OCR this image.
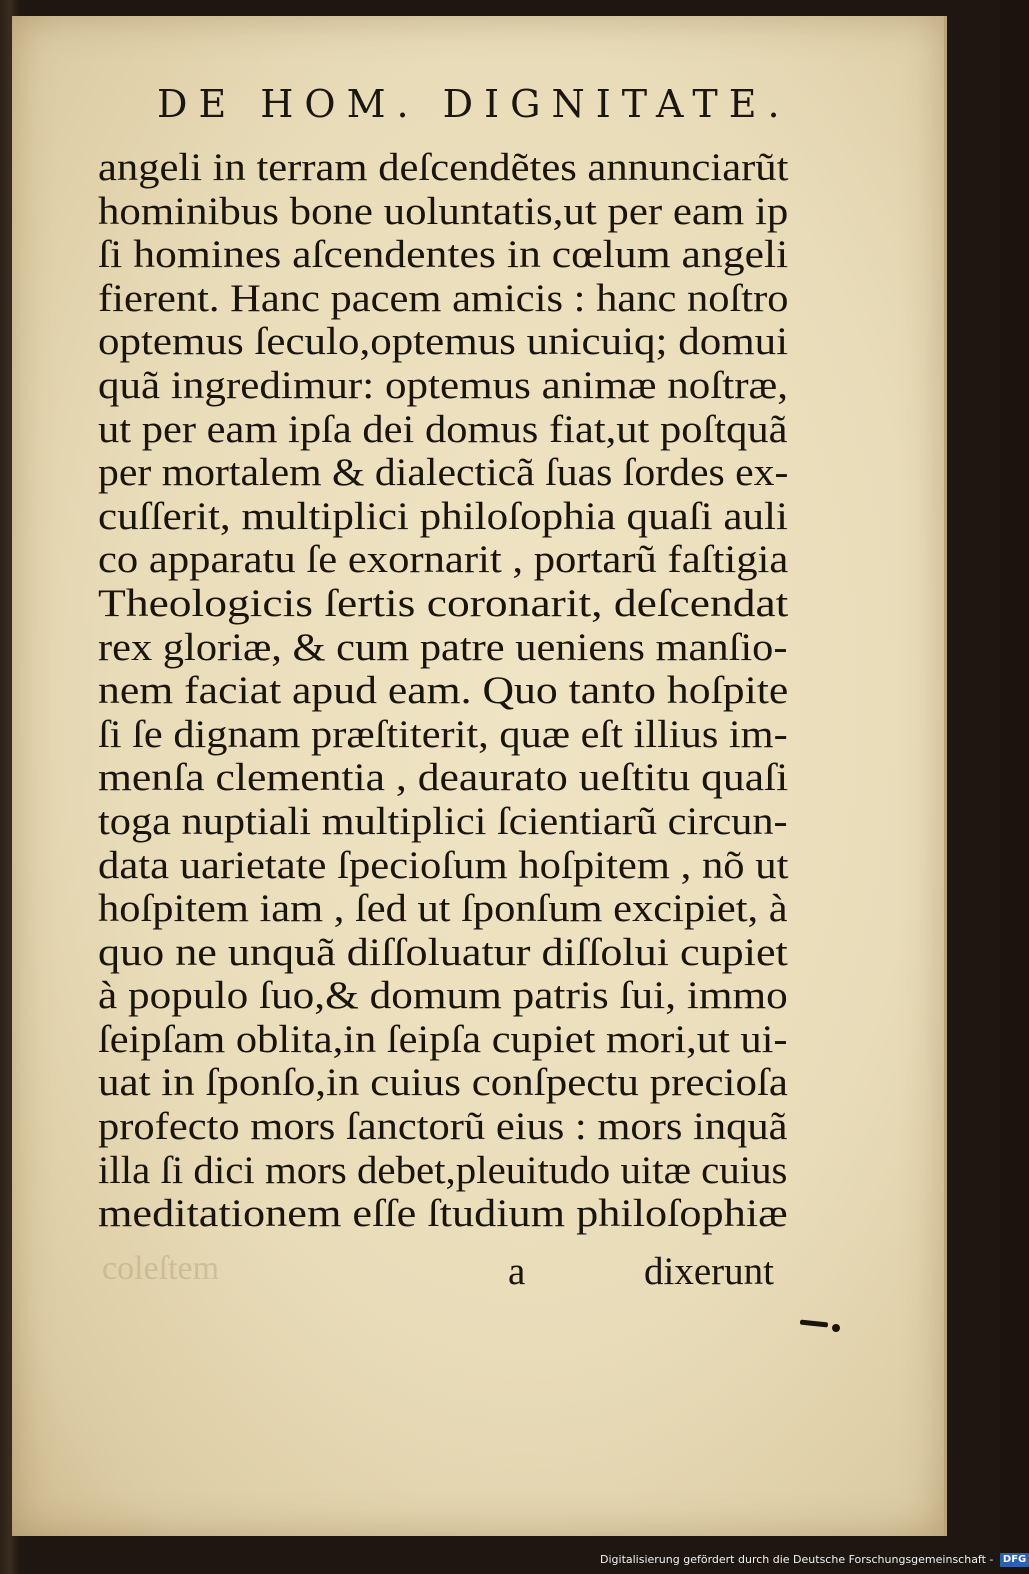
DE HOM. DIGNITATE.
angeli in terram deſcendẽtes annunciarũt
hominibus bone uoluntatis,ut per eam ip
ſi homines aſcendentes in cœlum angeli
fierent. Hanc pacem amicis : hanc noſtro
optemus ſeculo,optemus unicuiq; domui
quã ingredimur: optemus animæ noſtræ,
ut per eam ipſa dei domus fiat,ut poſtquã
per mortalem & dialecticã ſuas ſordes ex-
cuſſerit, multiplici philoſophia quaſi auli
co apparatu ſe exornarit , portarũ faſtigia
Theologicis ſertis coronarit, deſcendat
rex gloriæ, & cum patre ueniens manſio-
nem faciat apud eam. Quo tanto hoſpite
ſi ſe dignam præſtiterit, quæ eſt illius im-
menſa clementia , deaurato ueſtitu quaſi
toga nuptiali multiplici ſcientiarũ circun-
data uarietate ſpecioſum hoſpitem , nõ ut
hoſpitem iam , ſed ut ſponſum excipiet, à
quo ne unquã diſſoluatur diſſolui cupiet
à populo ſuo,& domum patris ſui, immo
ſeipſam oblita,in ſeipſa cupiet mori,ut ui-
uat in ſponſo,in cuius conſpectu precioſa
profecto mors ſanctorũ eius : mors inquã
illa ſi dici mors debet,pleuitudo uitæ cuius
meditationem eſſe ſtudium philoſophiæ
coleſtem	a	dixerunt
Digitalisierung gefördert durch die Deutsche Forschungsgemeinschaft - DFG
